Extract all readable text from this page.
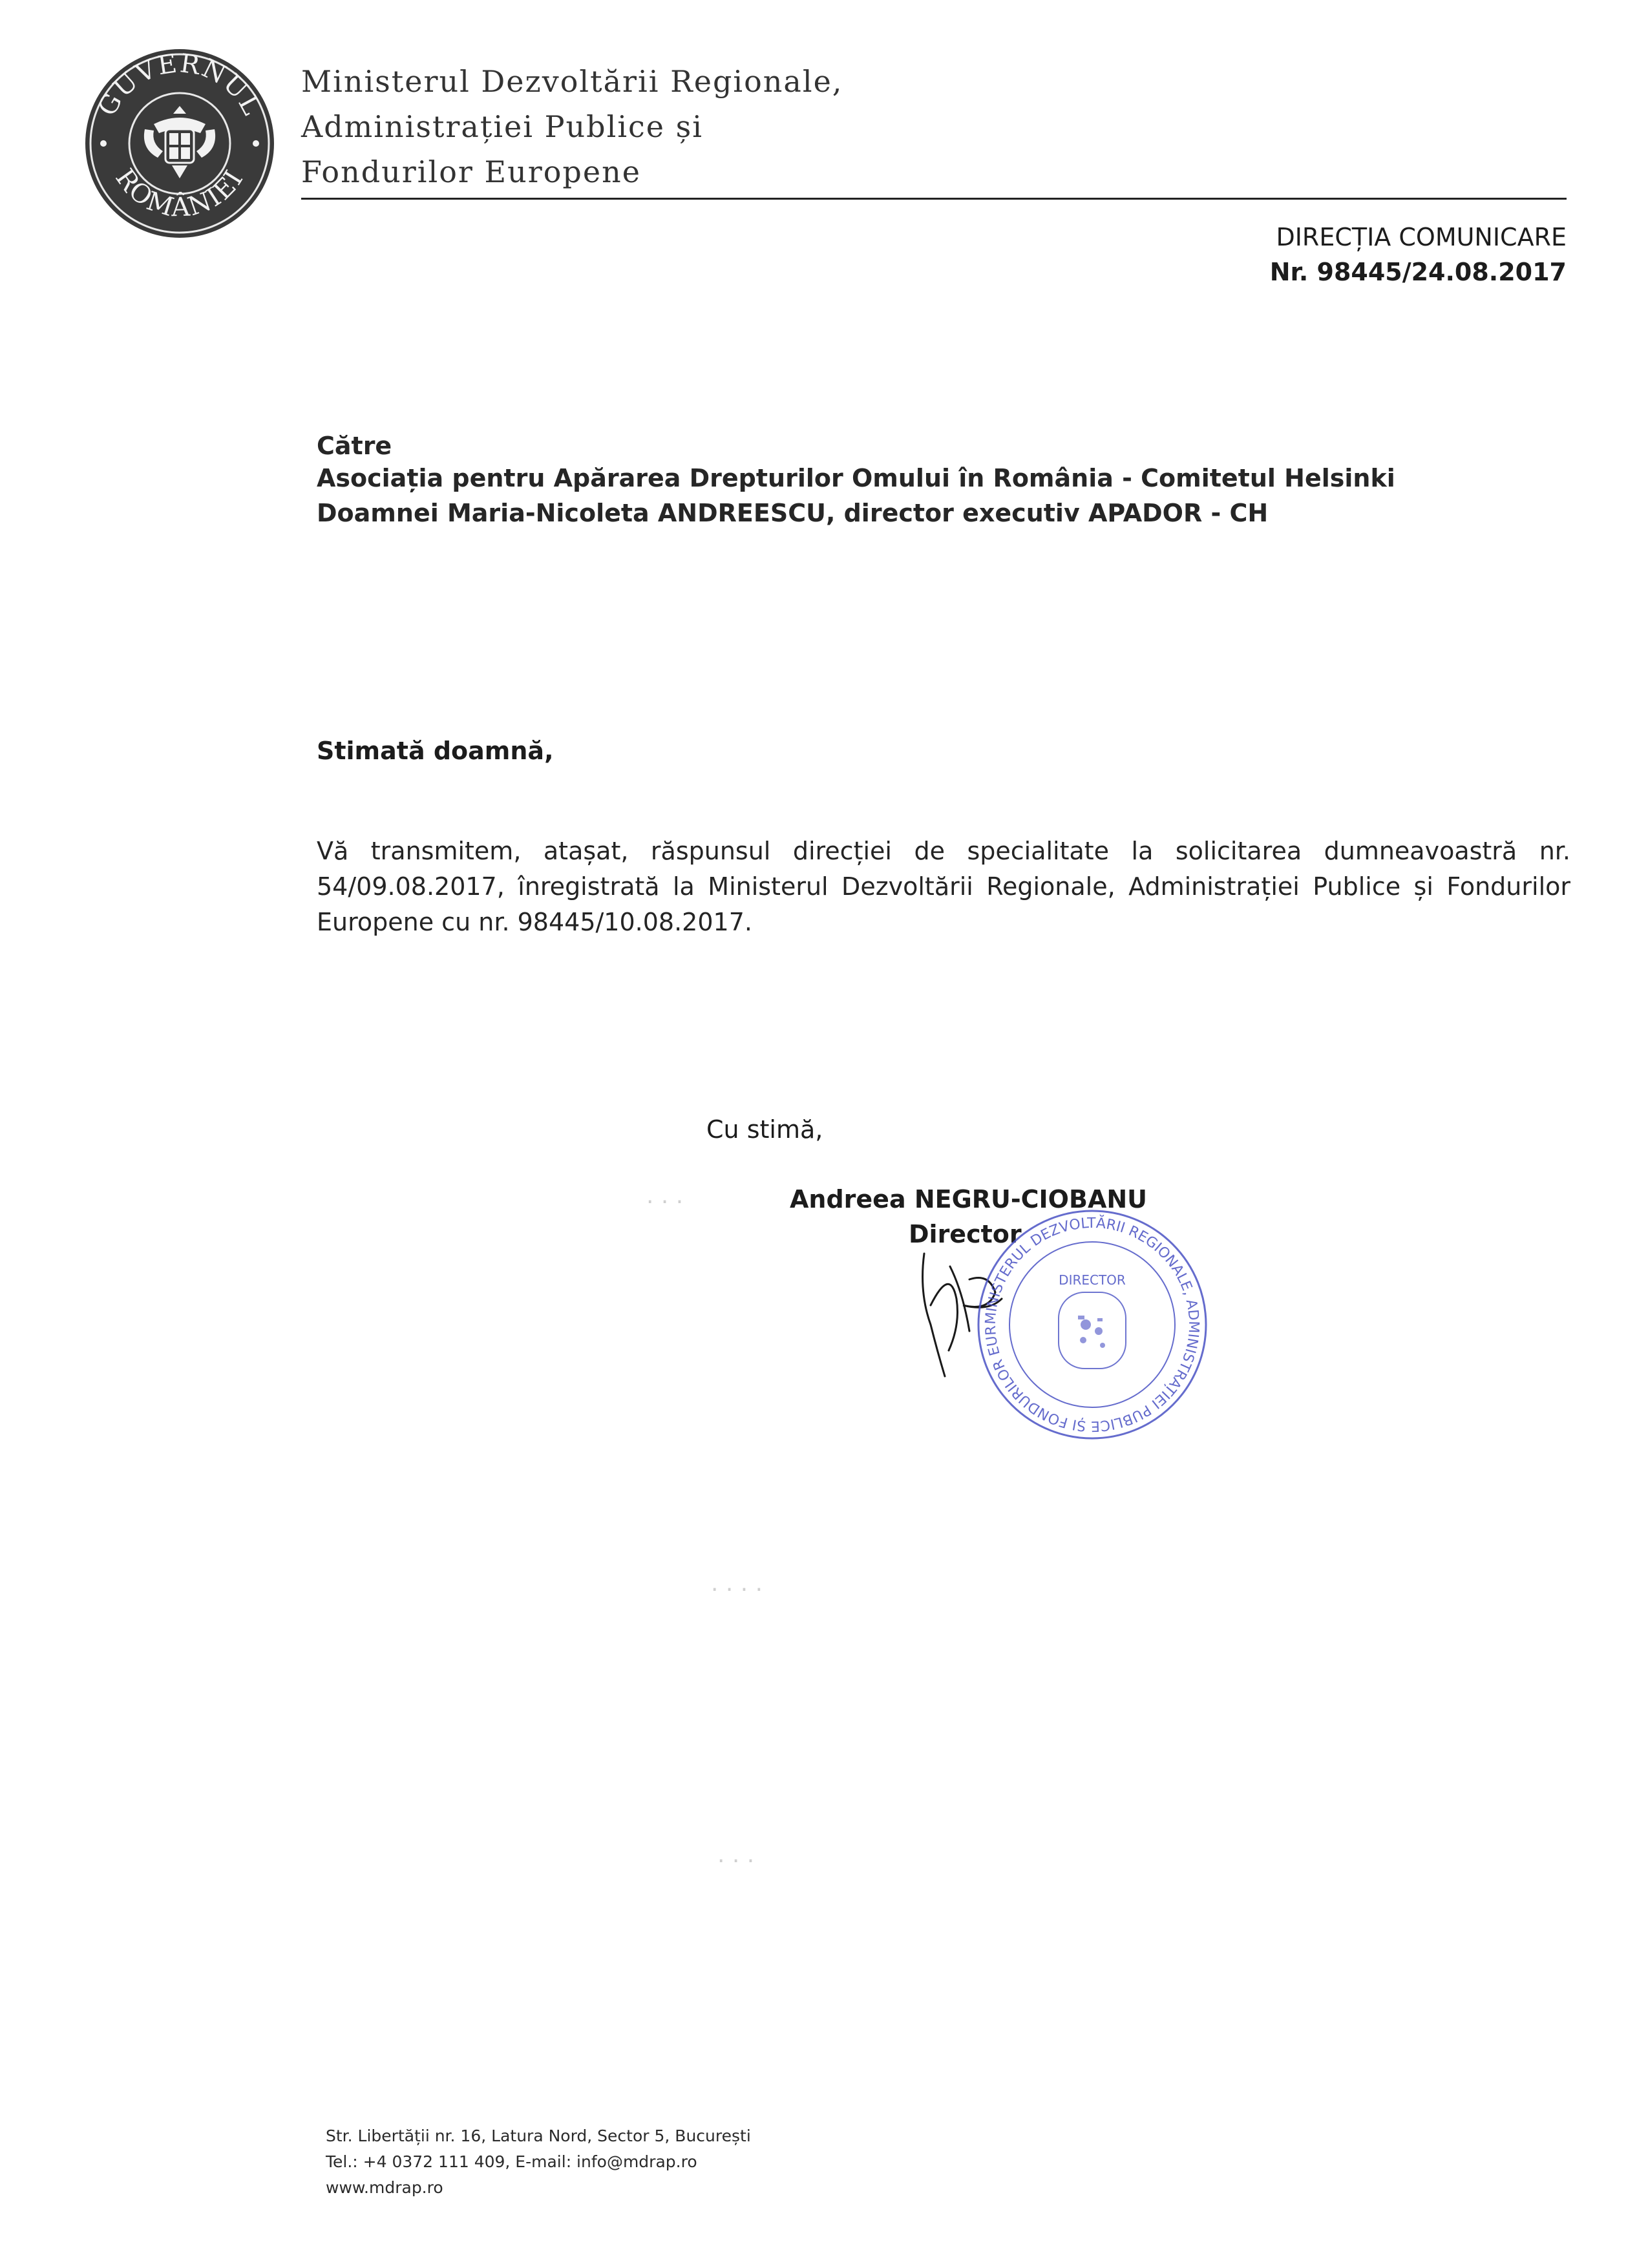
GUVERNUL
ROMÂNIEI
Ministerul Dezvoltării Regionale,
Administrației Publice și
Fondurilor Europene
DIRECȚIA COMUNICARE
Nr. 98445/24.08.2017
Către
Asociația pentru Apărarea Drepturilor Omului în România - Comitetul Helsinki
Doamnei Maria-Nicoleta ANDREESCU, director executiv APADOR - CH
Stimată doamnă,
Vă transmitem, atașat, răspunsul direcției de specialitate la solicitarea dumneavoastră nr. 54/09.08.2017, înregistrată la Ministerul Dezvoltării Regionale, Administrației Publice și Fondurilor Europene cu nr. 98445/10.08.2017.
Cu stimă,
Andreea NEGRU-CIOBANU
Director
MINISTERUL DEZVOLTĂRII REGIONALE, ADMINISTRAȚIEI PUBLICE ȘI FONDURILOR EUR
DIRECTOR
· · ·
· · · ·
· · ·
Str. Libertății nr. 16, Latura Nord, Sector 5, București
Tel.: +4 0372 111 409, E-mail: info@mdrap.ro
www.mdrap.ro
